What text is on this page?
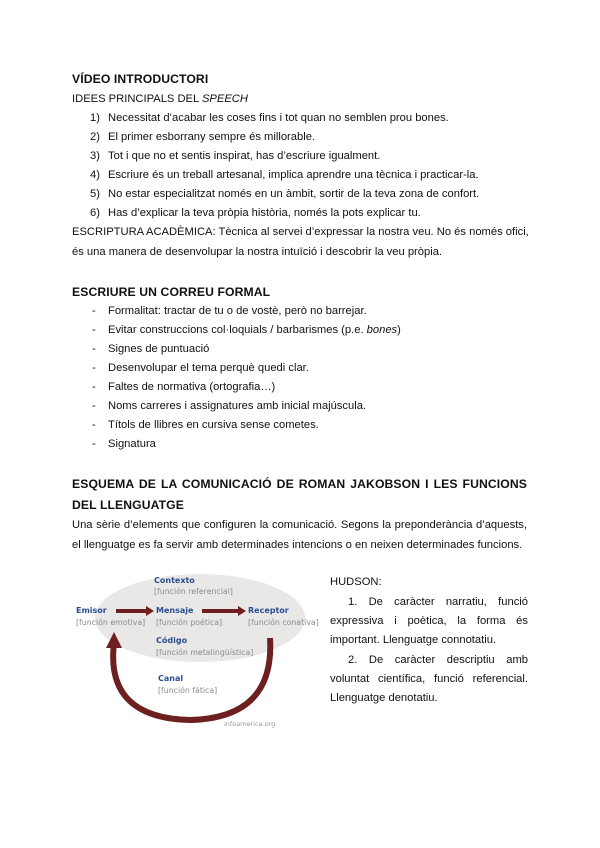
VÍDEO INTRODUCTORI
IDEES PRINCIPALS DEL SPEECH
1) Necessitat d’acabar les coses fins i tot quan no semblen prou bones.
2) El primer esborrany sempre és millorable.
3) Tot i que no et sentis inspirat, has d’escriure igualment.
4) Escriure és un treball artesanal, implica aprendre una tècnica i practicar-la.
5) No estar especialitzat només en un àmbit, sortir de la teva zona de confort.
6) Has d’explicar la teva pròpia història, només la pots explicar tu.
ESCRIPTURA ACADÈMICA: Tècnica al servei d’expressar la nostra veu. No és només ofici,
és una manera de desenvolupar la nostra intuïció i descobrir la veu pròpia.
ESCRIURE UN CORREU FORMAL
- Formalitat: tractar de tu o de vostè, però no barrejar.
- Evitar construccions col·loquials / barbarismes (p.e. bones)
- Signes de puntuació
- Desenvolupar el tema perquè quedi clar.
- Faltes de normativa (ortografia…)
- Noms carreres i assignatures amb inicial majúscula.
- Títols de llibres en cursiva sense cometes.
- Signatura
ESQUEMA DE LA COMUNICACIÓ DE ROMAN JAKOBSON I LES FUNCIONS
DEL LLENGUATGE
Una sèrie d’elements que configuren la comunicació. Segons la preponderància d’aquests,
el llenguatge es fa servir amb determinades intencions o en neixen determinades funcions.
Contexto
[función referencial]
Emisor
[función emotiva]
Mensaje
[función poética]
Receptor
[función conativa]
Código
[función metalingüística]
Canal
[función fática]
infoamerica.org
HUDSON:
1. De caràcter narratiu, funció
expressiva i poètica, la forma és
important. Llenguatge connotatiu.
2. De caràcter descriptiu amb
voluntat científica, funció referencial.
Llenguatge denotatiu.
